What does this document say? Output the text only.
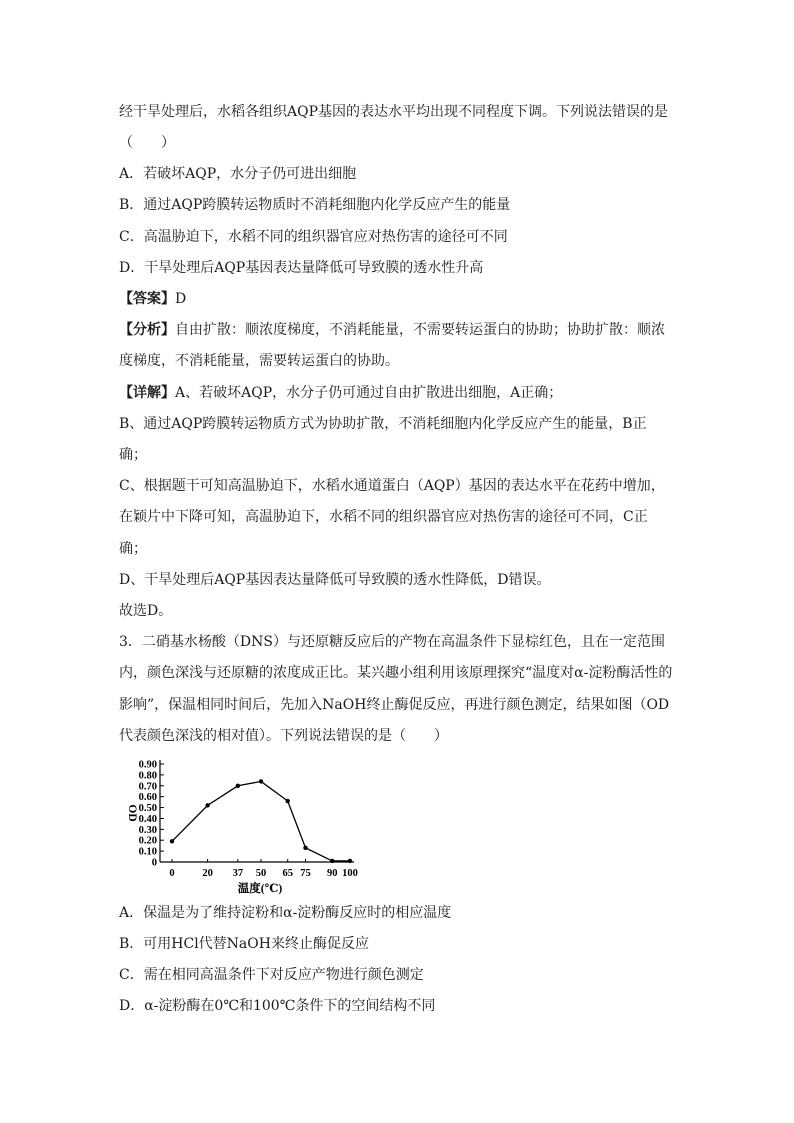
经干旱处理后，水稻各组织AQP基因的表达水平均出现不同程度下调。下列说法错误的是
（　　）
A．若破坏AQP，水分子仍可进出细胞
B．通过AQP跨膜转运物质时不消耗细胞内化学反应产生的能量
C．高温胁迫下，水稻不同的组织器官应对热伤害的途径可不同
D．干旱处理后AQP基因表达量降低可导致膜的透水性升高
【答案】D
【分析】自由扩散：顺浓度梯度，不消耗能量，不需要转运蛋白的协助；协助扩散：顺浓
度梯度，不消耗能量，需要转运蛋白的协助。
【详解】A、若破坏AQP，水分子仍可通过自由扩散进出细胞，A正确；
B、通过AQP跨膜转运物质方式为协助扩散，不消耗细胞内化学反应产生的能量，B正
确；
C、根据题干可知高温胁迫下，水稻水通道蛋白（AQP）基因的表达水平在花药中增加，
在颖片中下降可知，高温胁迫下，水稻不同的组织器官应对热伤害的途径可不同，C正
确；
D、干旱处理后AQP基因表达量降低可导致膜的透水性降低，D错误。
故选D。
3．二硝基水杨酸（DNS）与还原糖反应后的产物在高温条件下显棕红色，且在一定范围
内，颜色深浅与还原糖的浓度成正比。某兴趣小组利用该原理探究“温度对α-淀粉酶活性的
影响”，保温相同时间后，先加入NaOH终止酶促反应，再进行颜色测定，结果如图（OD
代表颜色深浅的相对值）。下列说法错误的是（　　）
0
0.10
0.20
0.30
0.40
0.50
0.60
0.70
0.80
0.90
0	20 37 50 65 75 90 100
温度(℃)
OD
A．保温是为了维持淀粉和α-淀粉酶反应时的相应温度
B．可用HCl代替NaOH来终止酶促反应
C．需在相同高温条件下对反应产物进行颜色测定
D．α-淀粉酶在0℃和100℃条件下的空间结构不同
